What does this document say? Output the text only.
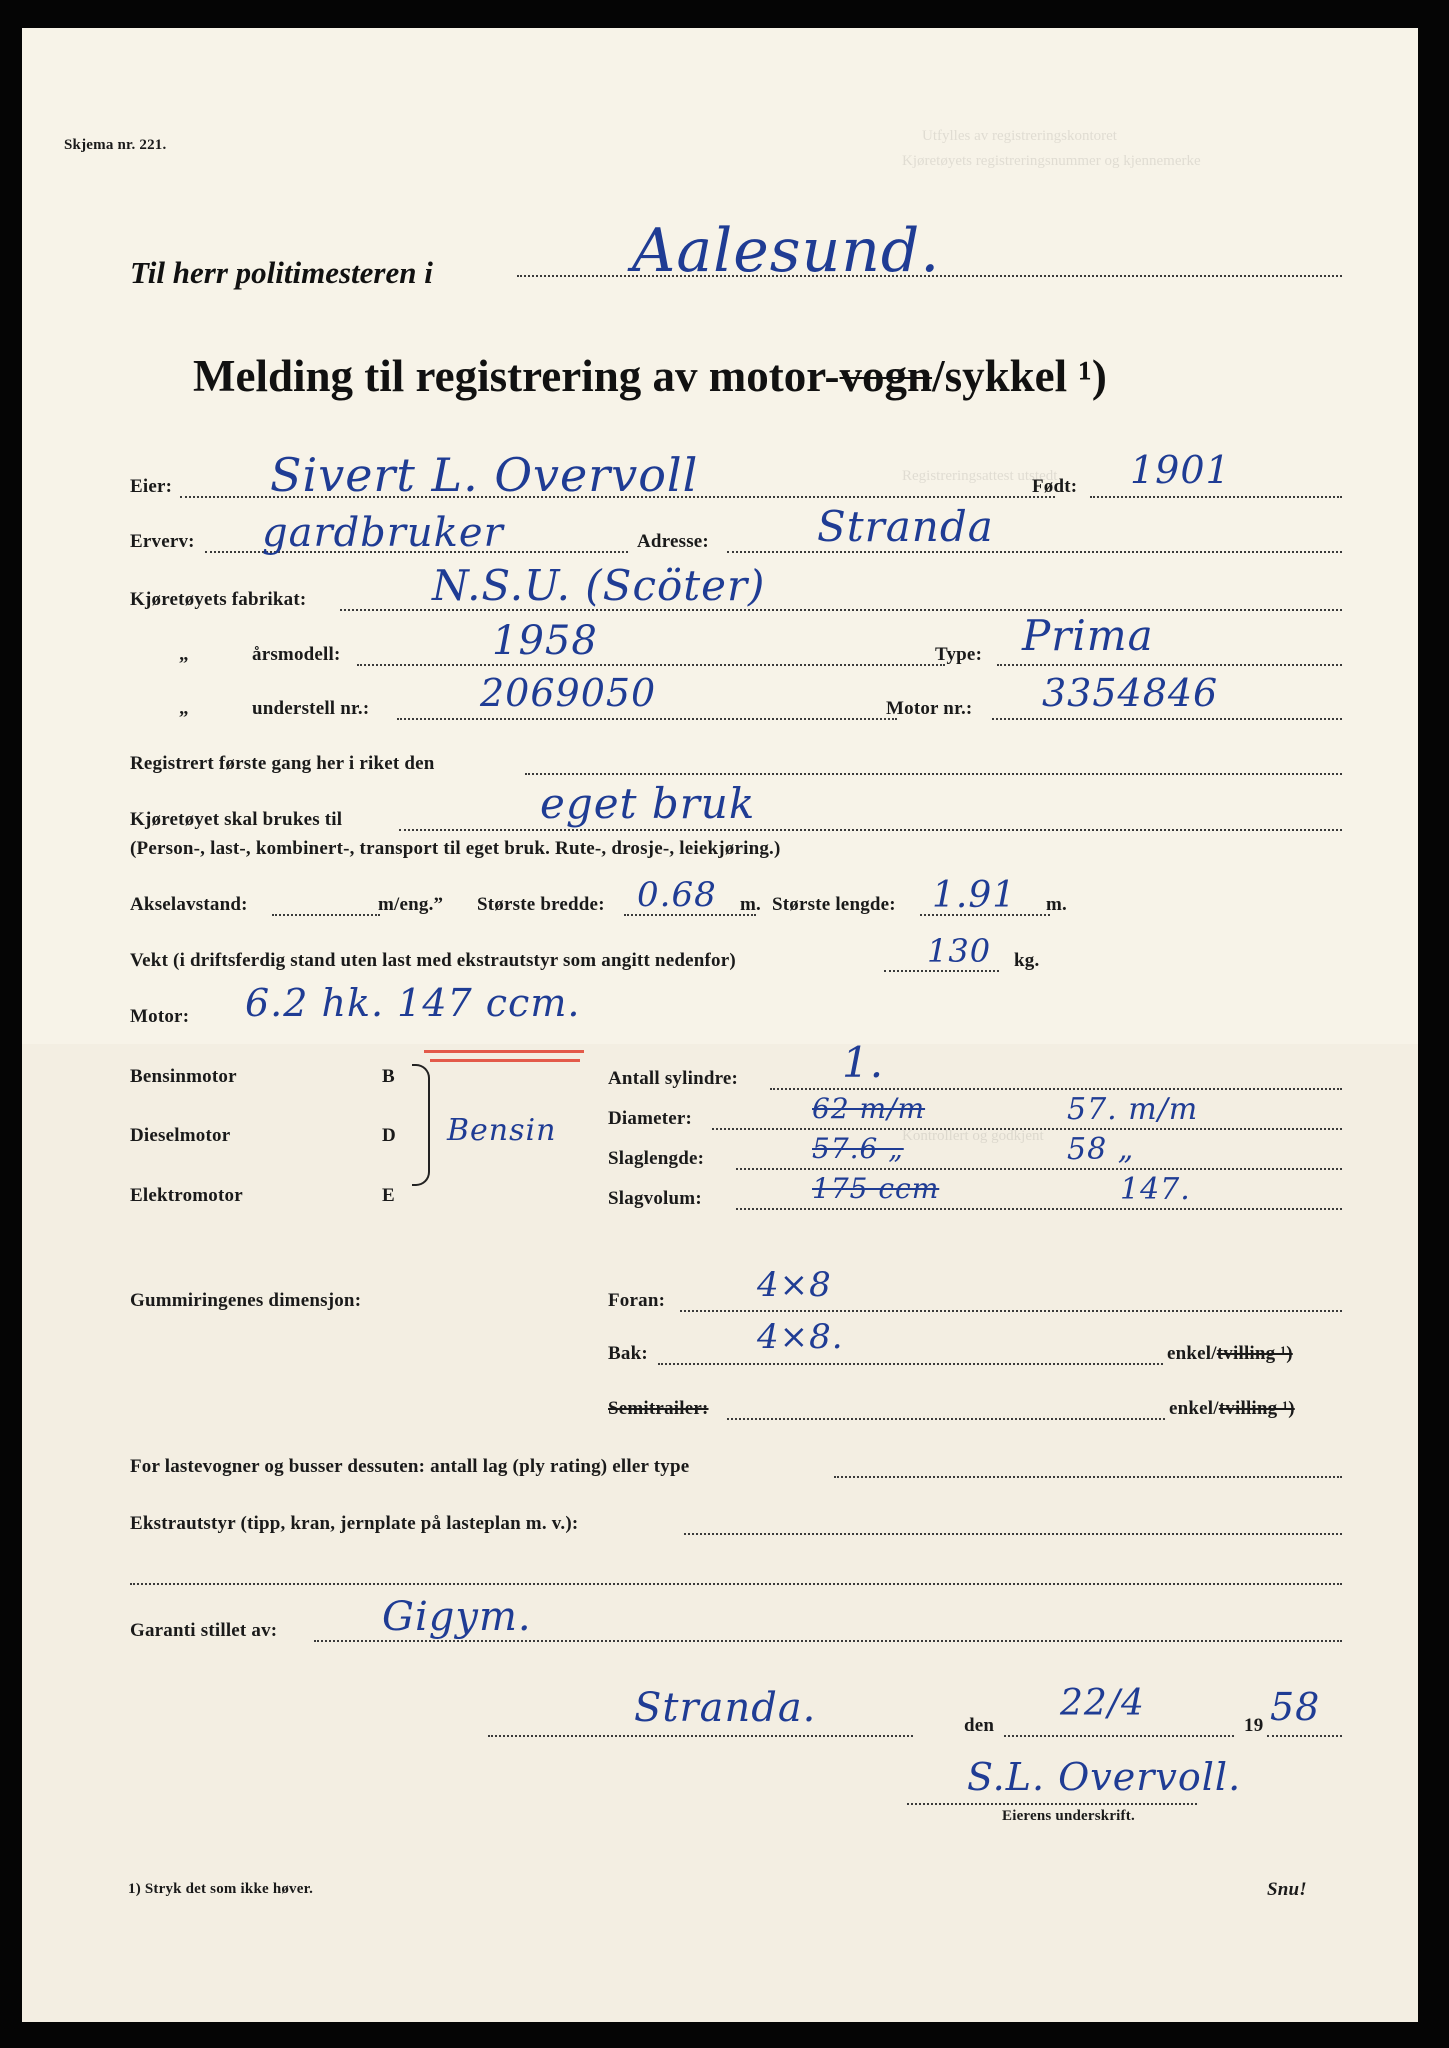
Utfylles av registreringskontoret
Kjøretøyets registreringsnummer og kjennemerke
Registreringsattest utstedt
Kontrollert og godkjent
Skjema nr. 221.
Til herr politimesteren i	Aalesund.
Melding til registrering av motor-vogn/sykkel ¹)
Eier: Sivert L. Overvoll	Født: 1901
Erverv: gardbruker	Adresse:	Stranda
Kjøretøyets fabrikat:	N.S.U. (Scöter)
„	årsmodell:	1958	Type: Prima
„	understell nr.:	2069050	Motor nr.: 3354846
Registrert første gang her i riket den
Kjøretøyet skal brukes til	eget bruk
(Person-, last-, kombinert-, transport til eget bruk. Rute-, drosje-, leiekjøring.)
Akselavstand:	m/eng.” Største bredde: 0.68 m. Største lengde: 1.91 m.
Vekt (i driftsferdig stand uten last med ekstrautstyr som angitt nedenfor)	130 kg.
Motor: 6.2 hk. 147 ccm.
Bensinmotor	B
Dieselmotor	D
Elektromotor	E
Bensin
Antall sylindre: 1.
Diameter:	62 m/m	57. m/m
Slaglengde:	57.6 „	58 „
Slagvolum:	175 ccm	147.
Gummiringenes dimensjon:	Foran:	4×8
Bak:	4×8.	enkel/tvilling ¹)
Semitrailer:	enkel/tvilling ¹)
For lastevogner og busser dessuten: antall lag (ply rating) eller type
Ekstrautstyr (tipp, kran, jernplate på lasteplan m. v.):
Garanti stillet av:	Gigym.
Stranda.	den
22/4
19 58
S.L. Overvoll.
Eierens underskrift.
1) Stryk det som ikke høver.	Snu!
